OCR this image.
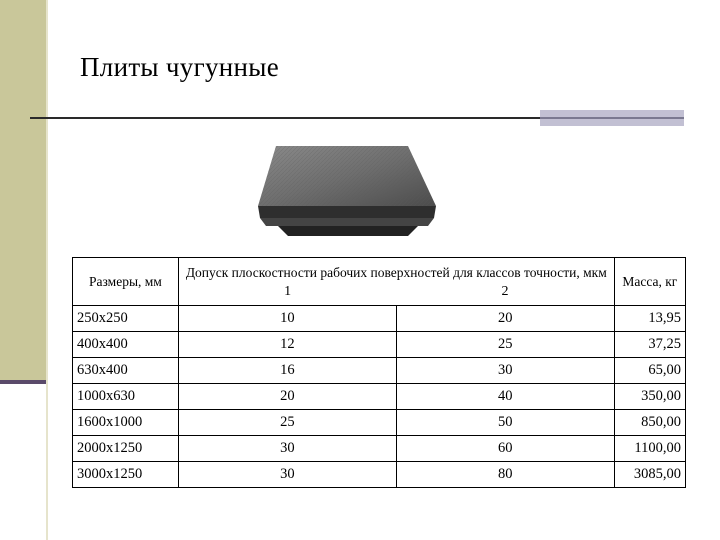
Плиты чугунные
Размеры, мм	Допуск плоскостности рабочих поверхностей для классов точности, мкм		Масса, кг
	1	2	
250х250	10	20	13,95
400х400	12	25	37,25
630х400	16	30	65,00
1000х630	20	40	350,00
1600х1000	25	50	850,00
2000х1250	30	60	1100,00
3000х1250	30	80	3085,00
